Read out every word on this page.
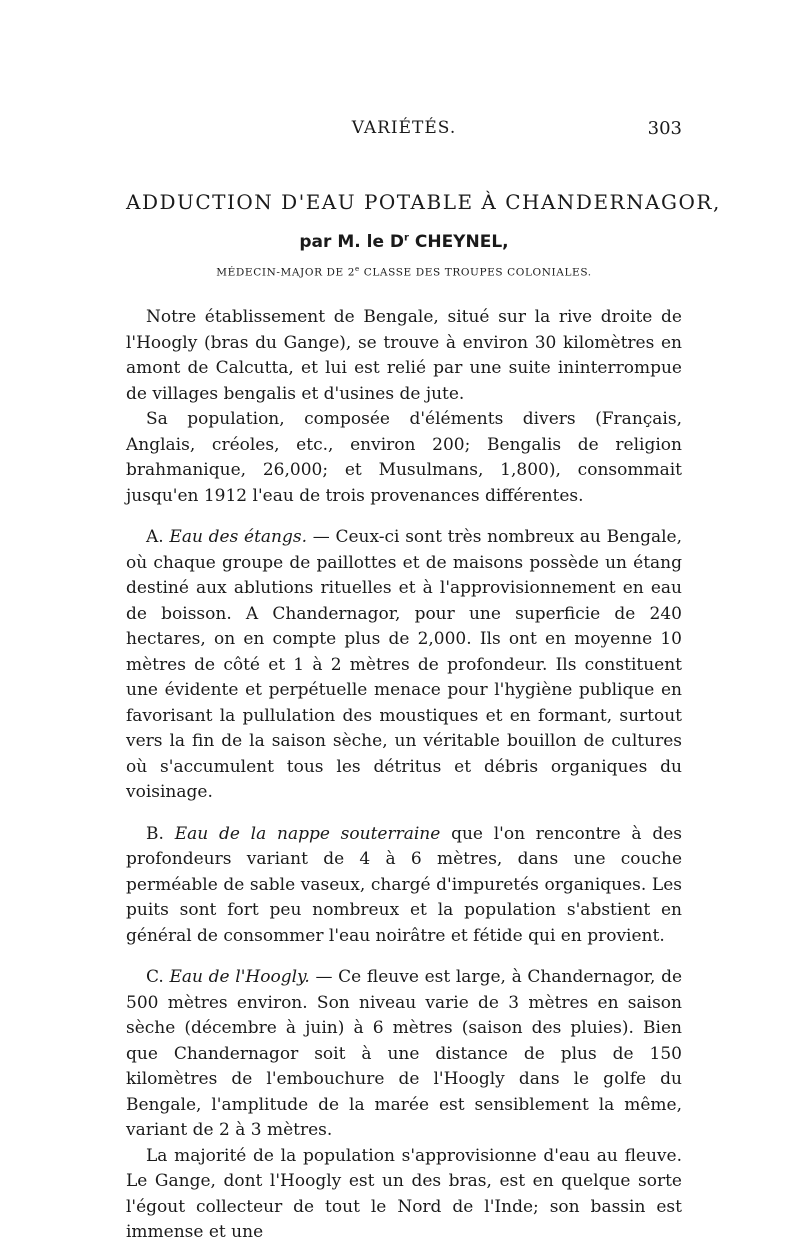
VARIÉTÉS.	303
ADDUCTION D'EAU POTABLE À CHANDERNAGOR,
par M. le $D^r$ CHEYNEL,
MÉDECIN-MAJOR DE 2e CLASSE DES TROUPES COLONIALES.

Notre établissement de Bengale, situé sur la rive droite de l'Hoogly (bras du Gange), se trouve à environ 30 kilomètres en amont de Calcutta, et lui est relié par une suite ininterrompue de villages bengalis et d'usines de jute.

Sa population, composée d'éléments divers (Français, Anglais, créoles, etc., environ 200; Bengalis de religion brahmanique, 26,000; et Musulmans, 1,800), consommait jusqu'en 1912 l'eau de trois provenances différentes.

A. Eau des étangs. — Ceux-ci sont très nombreux au Bengale, où chaque groupe de paillottes et de maisons possède un étang destiné aux ablutions rituelles et à l'approvisionnement en eau de boisson. A Chandernagor, pour une superficie de 240 hectares, on en compte plus de 2,000. Ils ont en moyenne 10 mètres de côté et 1 à 2 mètres de profondeur. Ils constituent une évidente et perpétuelle menace pour l'hygiène publique en favorisant la pullulation des moustiques et en formant, surtout vers la fin de la saison sèche, un véritable bouillon de cultures où s'accumulent tous les détritus et débris organiques du voisinage.

B. Eau de la nappe souterraine que l'on rencontre à des profondeurs variant de 4 à 6 mètres, dans une couche perméable de sable vaseux, chargé d'impuretés organiques. Les puits sont fort peu nombreux et la population s'abstient en général de consommer l'eau noirâtre et fétide qui en provient.

C. Eau de l'Hoogly. — Ce fleuve est large, à Chandernagor, de 500 mètres environ. Son niveau varie de 3 mètres en saison sèche (décembre à juin) à 6 mètres (saison des pluies). Bien que Chandernagor soit à une distance de plus de 150 kilomètres de l'embouchure de l'Hoogly dans le golfe du Bengale, l'amplitude de la marée est sensiblement la même, variant de 2 à 3 mètres.

La majorité de la population s'approvisionne d'eau au fleuve. Le Gange, dont l'Hoogly est un des bras, est en quelque sorte l'égout collecteur de tout le Nord de l'Inde; son bassin est immense et une
